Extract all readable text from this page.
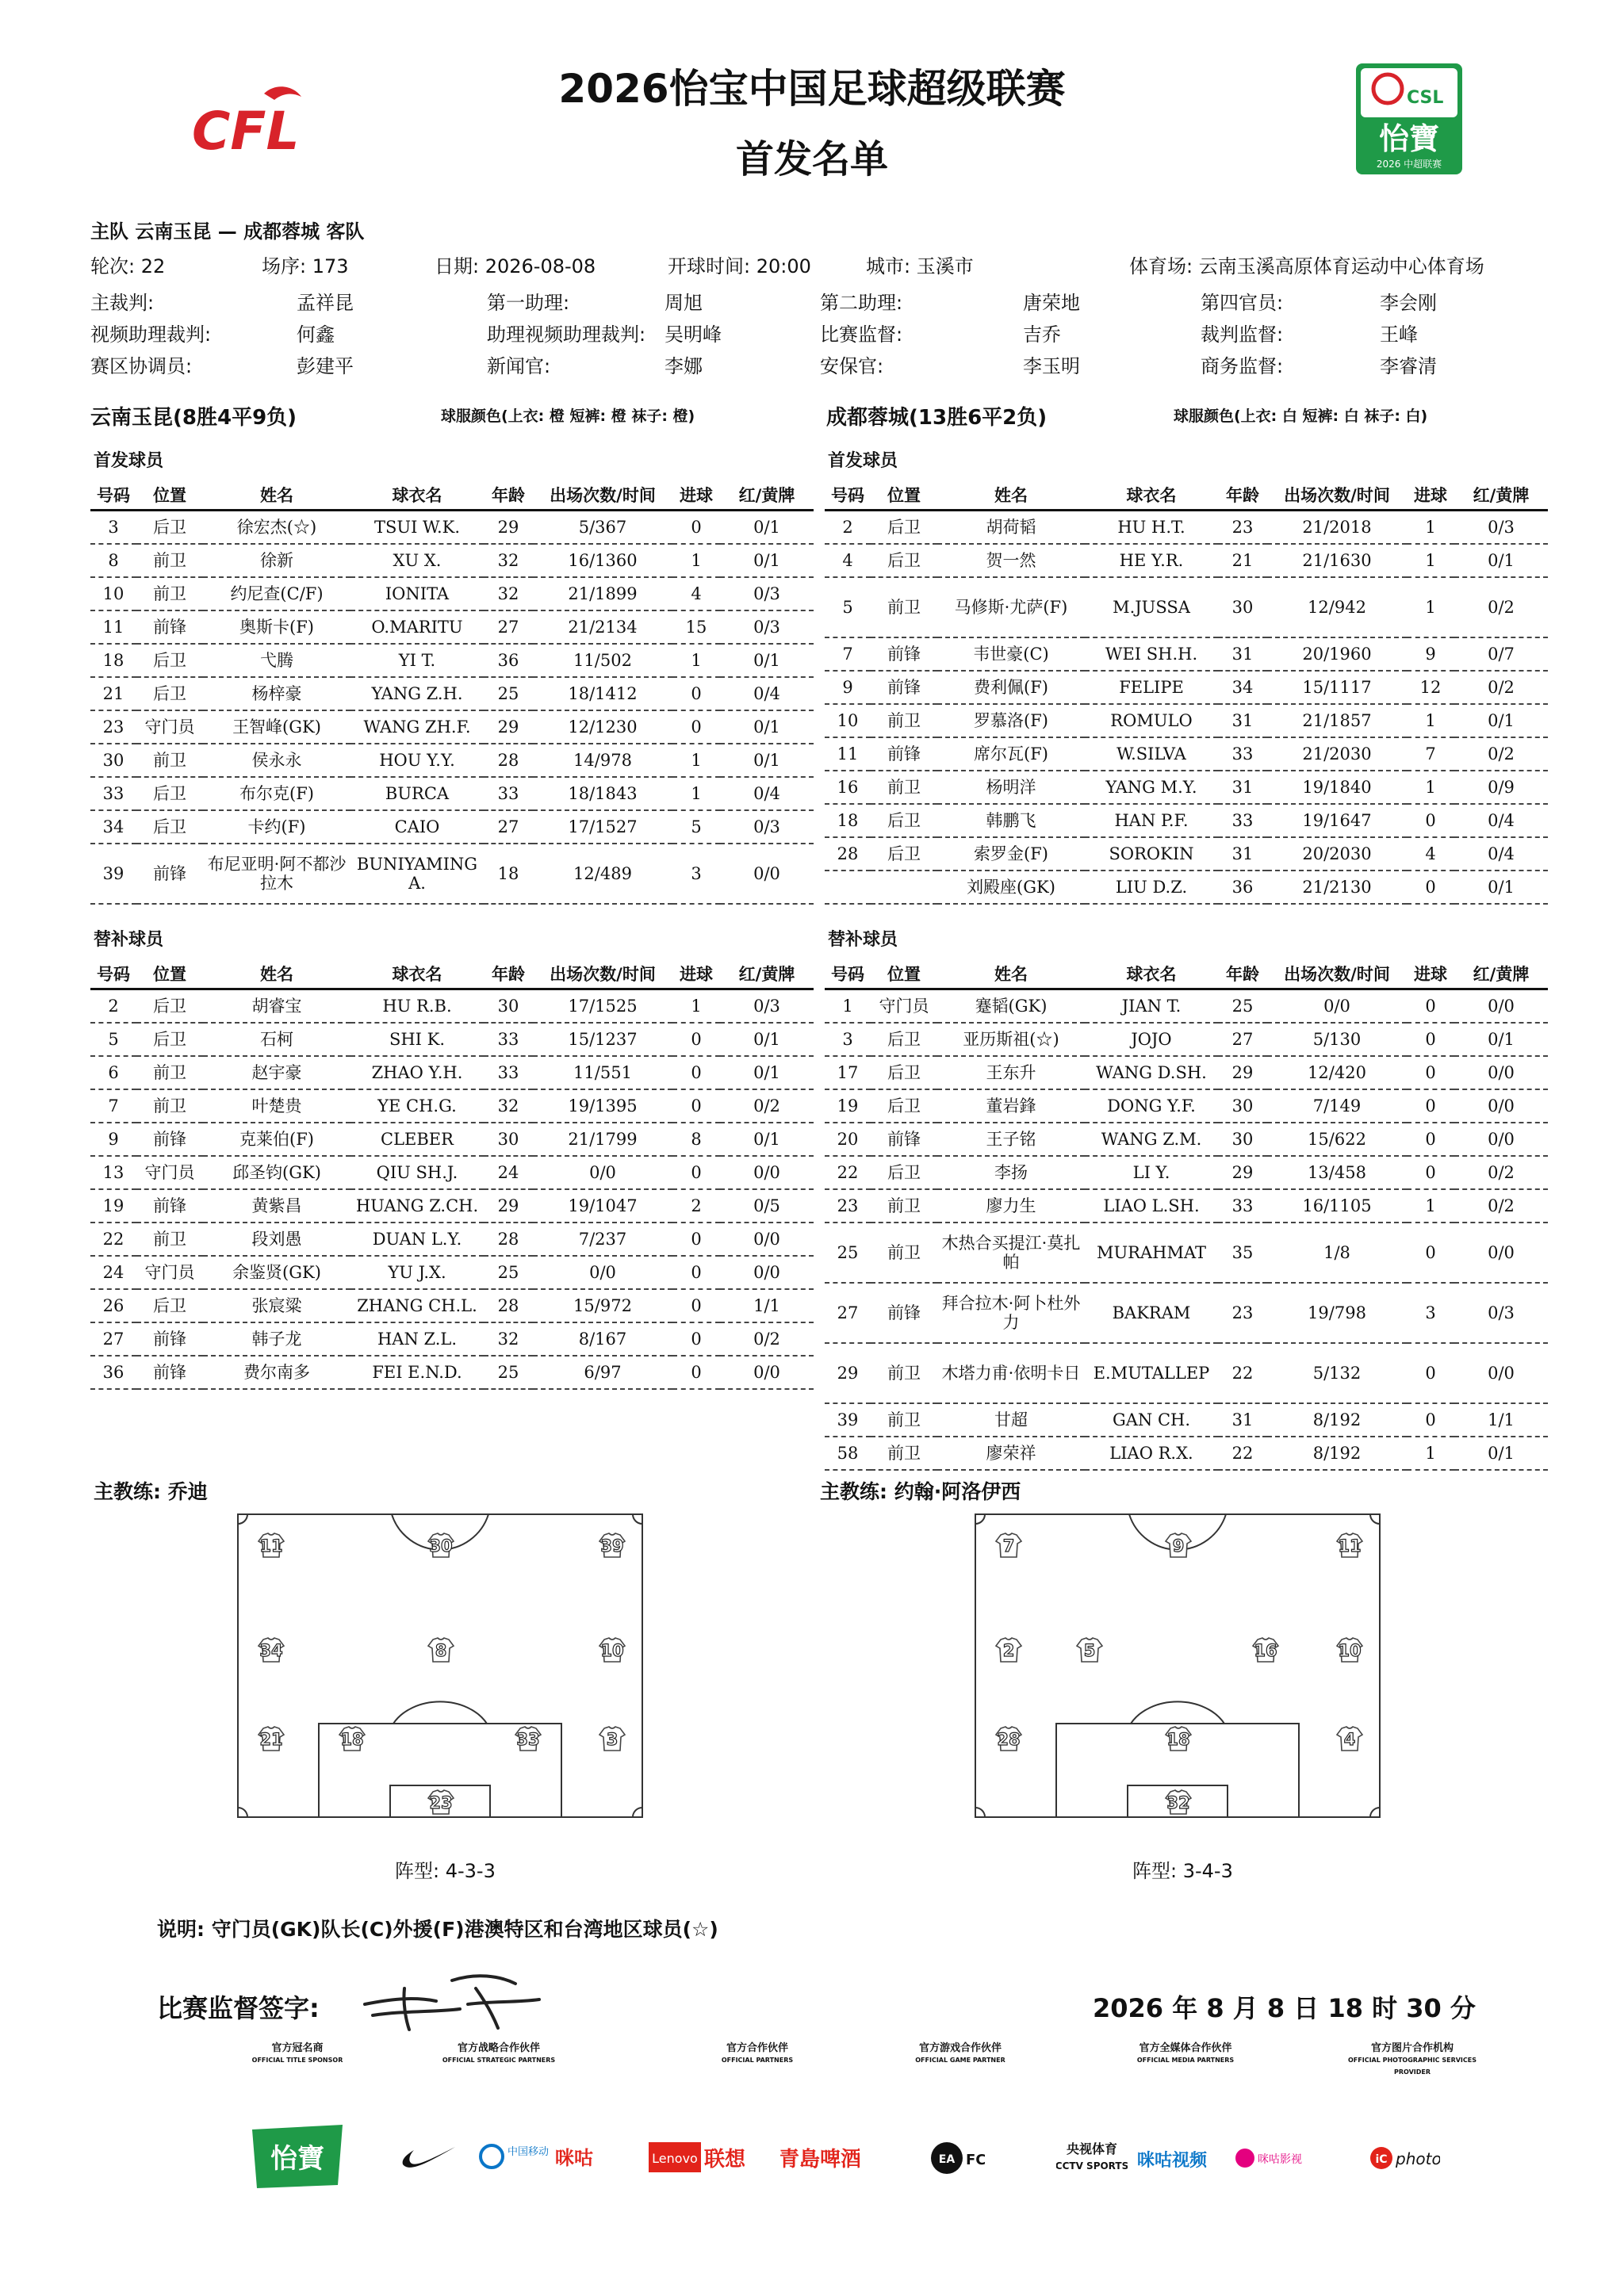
CFL
2026怡宝中国足球超级联赛
首发名单
CSL
怡寶
2026 中超联赛
主队 云南玉昆 — 成都蓉城 客队
轮次: 22	场序: 173	日期: 2026-08-08	开球时间: 20:00	城市: 玉溪市	体育场: 云南玉溪高原体育运动中心体育场
主裁判:	孟祥昆	第一助理:	周旭	第二助理:	唐荣地	第四官员:	李会刚
视频助理裁判:	何鑫	助理视频助理裁判: 吴明峰	比赛监督:	吉乔	裁判监督:	王峰
赛区协调员:	彭建平	新闻官:	李娜	安保官:	李玉明	商务监督:	李睿清
云南玉昆(8胜4平9负)	球服颜色(上衣: 橙 短裤: 橙 袜子: 橙)	成都蓉城(13胜6平2负)	球服颜色(上衣: 白 短裤: 白 袜子: 白)
首发球员	首发球员
替补球员	替补球员
号码	位置	姓名	球衣名	年龄	出场次数/时间	进球	红/黄牌
3	后卫	徐宏杰(☆)	TSUI W.K.	29	5/367	0	0/1
8	前卫	徐新	XU X.	32	16/1360	1	0/1
10	前卫	约尼查(C/F)	IONITA	32	21/1899	4	0/3
11	前锋	奥斯卡(F)	O.MARITU	27	21/2134	15	0/3
18	后卫	弋腾	YI T.	36	11/502	1	0/1
21	后卫	杨梓豪	YANG Z.H.	25	18/1412	0	0/4
23	守门员	王智峰(GK)	WANG ZH.F.	29	12/1230	0	0/1
30	前卫	侯永永	HOU Y.Y.	28	14/978	1	0/1
33	后卫	布尔克(F)	BURCA	33	18/1843	1	0/4
34	后卫	卡约(F)	CAIO	27	17/1527	5	0/3
39	前锋	布尼亚明·阿不都沙拉木	BUNIYAMING A.	18	12/489	3	0/0
号码	位置	姓名	球衣名	年龄	出场次数/时间	进球	红/黄牌
2	后卫	胡荷韬	HU H.T.	23	21/2018	1	0/3
4	后卫	贺一然	HE Y.R.	21	21/1630	1	0/1
5	前卫	马修斯·尤萨(F)	M.JUSSA	30	12/942	1	0/2
7	前锋	韦世豪(C)	WEI SH.H.	31	20/1960	9	0/7
9	前锋	费利佩(F)	FELIPE	34	15/1117	12	0/2
10	前卫	罗慕洛(F)	ROMULO	31	21/1857	1	0/1
11	前锋	席尔瓦(F)	W.SILVA	33	21/2030	7	0/2
16	前卫	杨明洋	YANG M.Y.	31	19/1840	1	0/9
18	后卫	韩鹏飞	HAN P.F.	33	19/1647	0	0/4
28	后卫	索罗金(F)	SOROKIN	31	20/2030	4	0/4
		刘殿座(GK)	LIU D.Z.	36	21/2130	0	0/1
号码	位置	姓名	球衣名	年龄	出场次数/时间	进球	红/黄牌
2	后卫	胡睿宝	HU R.B.	30	17/1525	1	0/3
5	后卫	石柯	SHI K.	33	15/1237	0	0/1
6	前卫	赵宇豪	ZHAO Y.H.	33	11/551	0	0/1
7	前卫	叶楚贵	YE CH.G.	32	19/1395	0	0/2
9	前锋	克莱伯(F)	CLEBER	30	21/1799	8	0/1
13	守门员	邱圣钧(GK)	QIU SH.J.	24	0/0	0	0/0
19	前锋	黄紫昌	HUANG Z.CH.	29	19/1047	2	0/5
22	前卫	段刘愚	DUAN L.Y.	28	7/237	0	0/0
24	守门员	余鉴贤(GK)	YU J.X.	25	0/0	0	0/0
26	后卫	张宸粱	ZHANG CH.L.	28	15/972	0	1/1
27	前锋	韩子龙	HAN Z.L.	32	8/167	0	0/2
36	前锋	费尔南多	FEI E.N.D.	25	6/97	0	0/0
号码	位置	姓名	球衣名	年龄	出场次数/时间	进球	红/黄牌
1	守门员	蹇韬(GK)	JIAN T.	25	0/0	0	0/0
3	后卫	亚历斯祖(☆)	JOJO	27	5/130	0	0/1
17	后卫	王东升	WANG D.SH.	29	12/420	0	0/0
19	后卫	董岩鋒	DONG Y.F.	30	7/149	0	0/0
20	前锋	王子铭	WANG Z.M.	30	15/622	0	0/0
22	后卫	李扬	LI Y.	29	13/458	0	0/2
23	前卫	廖力生	LIAO L.SH.	33	16/1105	1	0/2
25	前卫	木热合买提江·莫扎帕	MURAHMAT	35	1/8	0	0/0
27	前锋	拜合拉木·阿卜杜外力	BAKRAM	23	19/798	3	0/3
29	前卫	木塔力甫·依明卡日	E.MUTALLEP	22	5/132	0	0/0
39	前卫	甘超	GAN CH.	31	8/192	0	1/1
58	前卫	廖荣祥	LIAO R.X.	22	8/192	1	0/1
主教练: 乔迪	主教练: 约翰·阿洛伊西
11	30	39
34	8	10
21	18	33	3
23
7	9	11
2	5	16	10
28	18	4
32
阵型: 4-3-3	阵型: 3-4-3
说明: 守门员(GK)队长(C)外援(F)港澳特区和台湾地区球员(☆)
比赛监督签字:	2026 年 8 月 8 日 18 时 30 分
官方冠名商
OFFICIAL TITLE SPONSOR
官方战略合作伙伴
OFFICIAL STRATEGIC PARTNERS
官方合作伙伴
OFFICIAL PARTNERS
官方游戏合作伙伴
OFFICIAL GAME PARTNER
官方全媒体合作伙伴
OFFICIAL MEDIA PARTNERS
官方图片合作机构
OFFICIAL PHOTOGRAPHIC SERVICES PROVIDER
怡寶	中国移动 咪咕	Lenovo 联想 青島啤酒	EA FC
央视体育
CCTV SPORTS 咪咕视频	咪咕影视	iC photo
